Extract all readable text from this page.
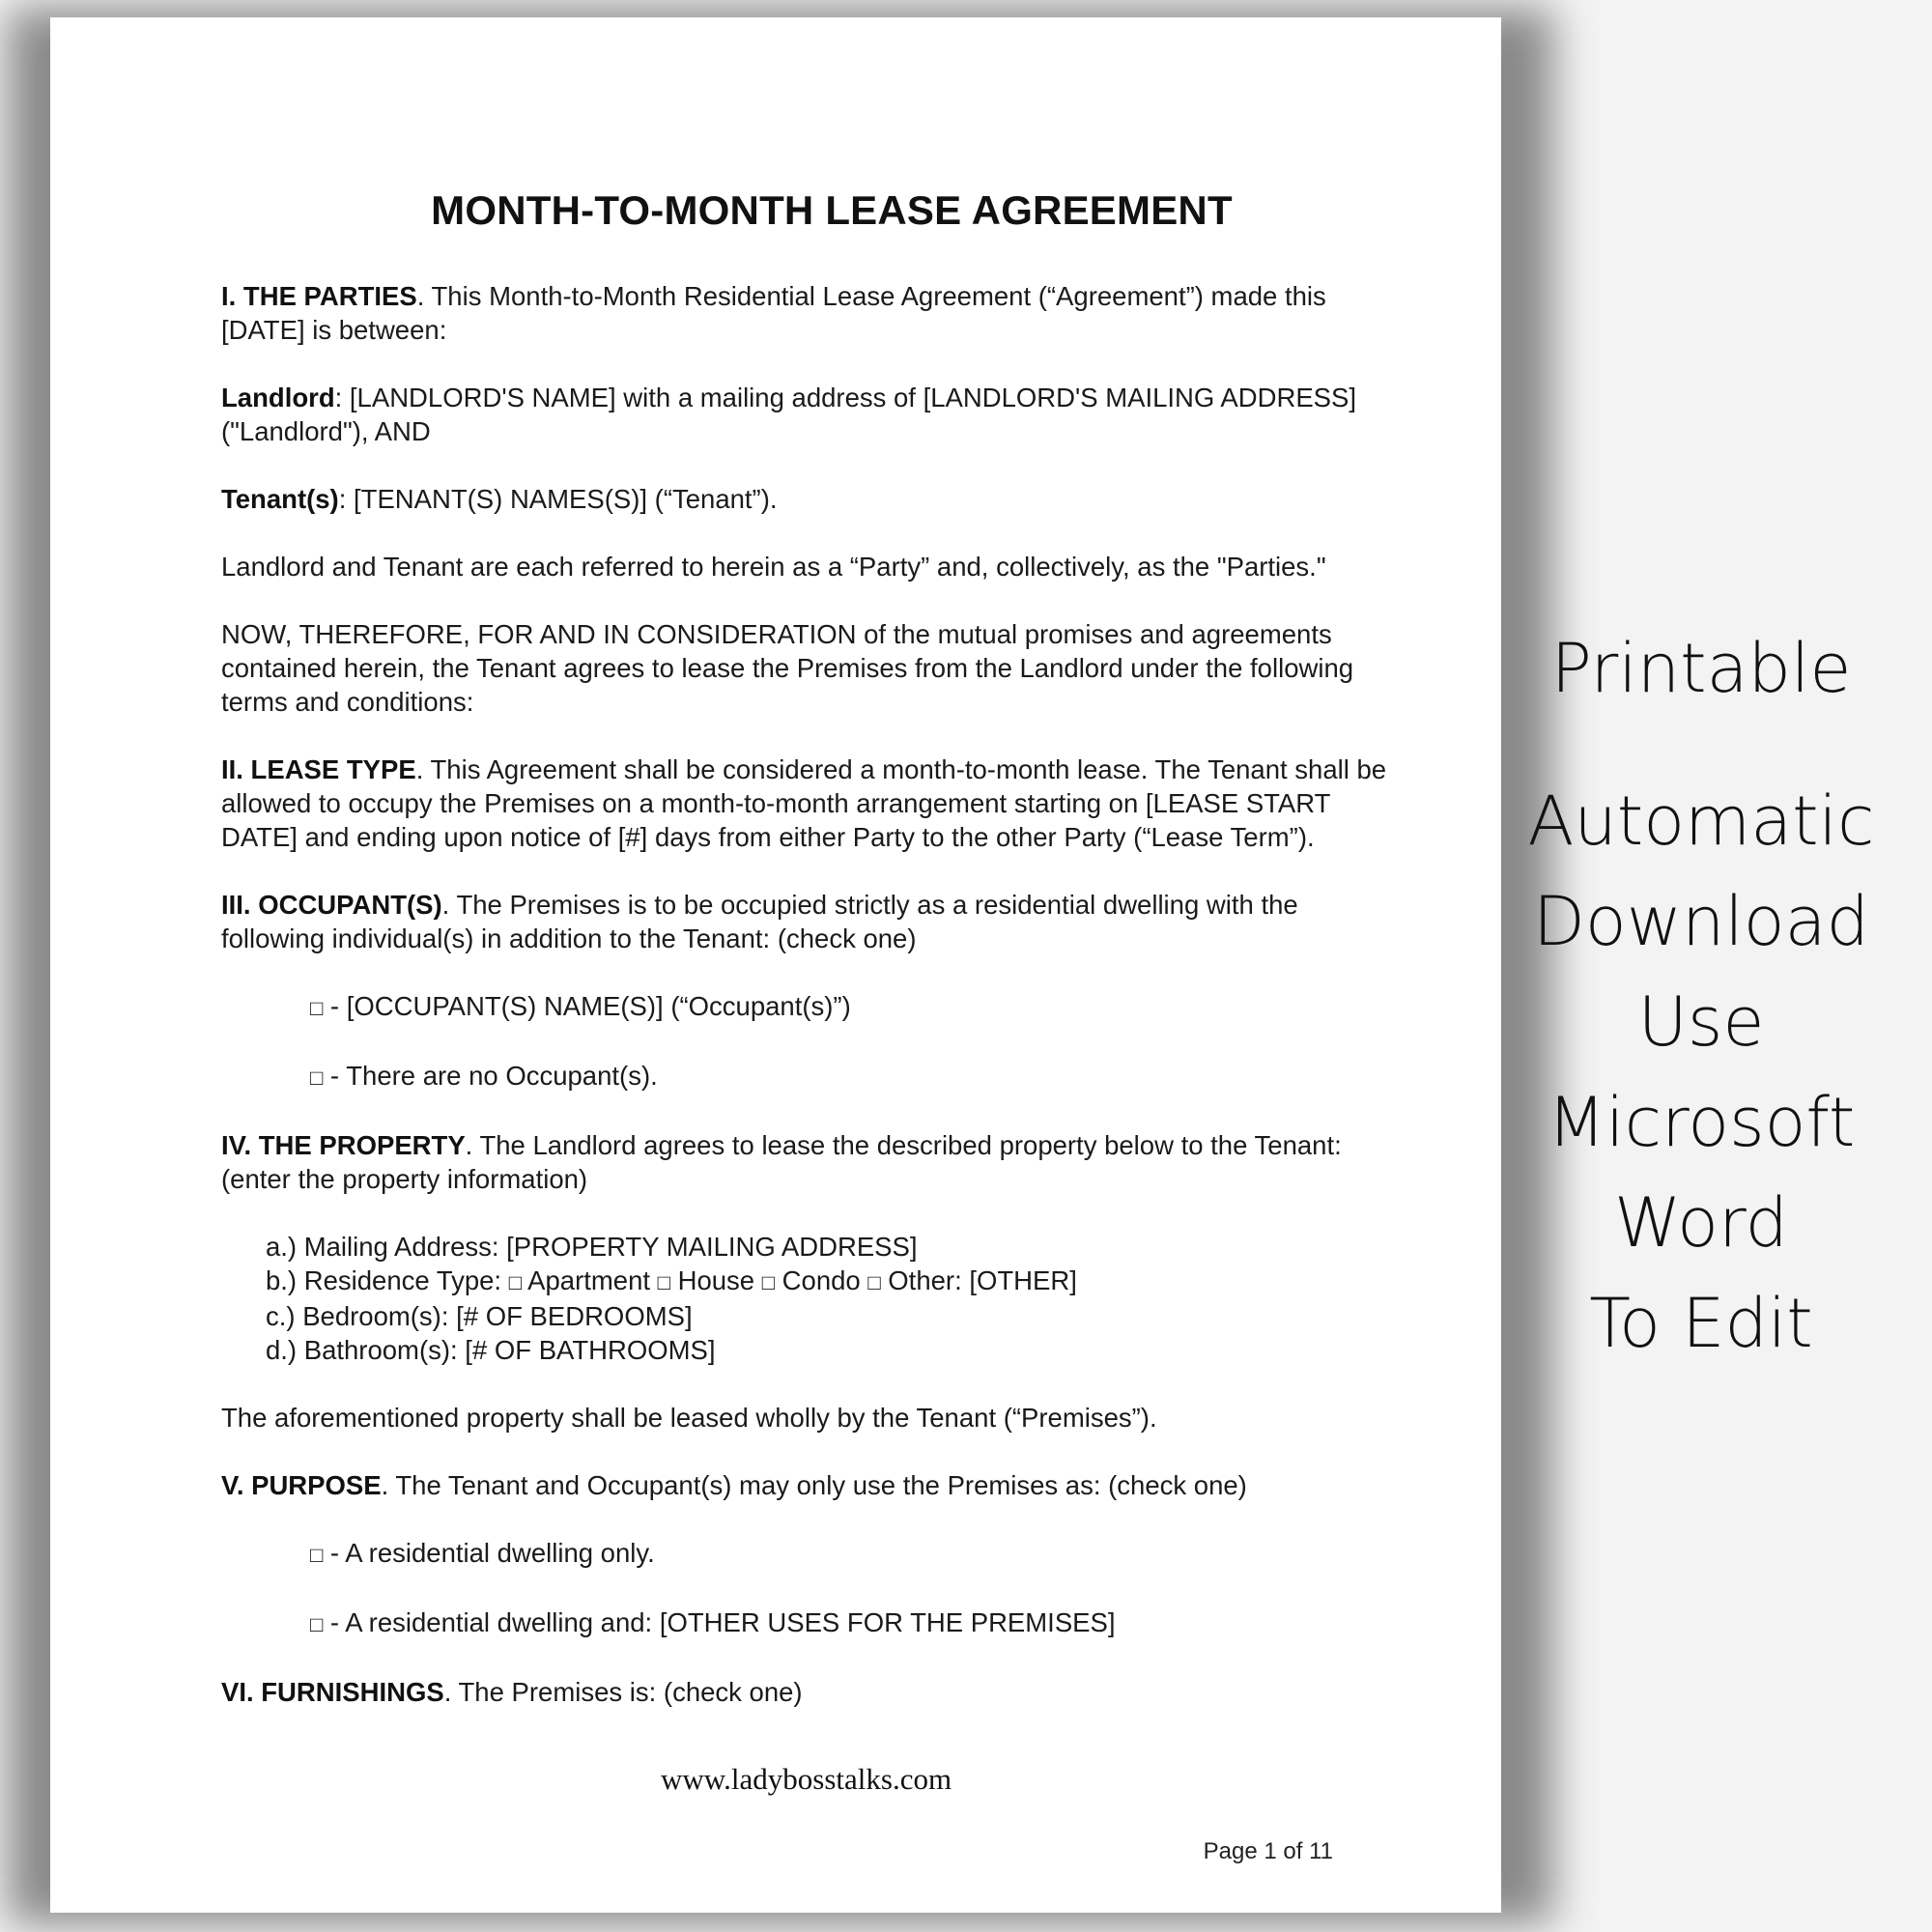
MONTH-TO-MONTH LEASE AGREEMENT

I. THE PARTIES. This Month-to-Month Residential Lease Agreement (“Agreement”) made this [DATE] is between:

Landlord: [LANDLORD'S NAME] with a mailing address of [LANDLORD'S MAILING ADDRESS] ("Landlord"), AND

Tenant(s): [TENANT(S) NAMES(S)] (“Tenant”).

Landlord and Tenant are each referred to herein as a “Party” and, collectively, as the "Parties."

NOW, THEREFORE, FOR AND IN CONSIDERATION of the mutual promises and agreements contained herein, the Tenant agrees to lease the Premises from the Landlord under the following terms and conditions:

II. LEASE TYPE. This Agreement shall be considered a month-to-month lease. The Tenant shall be allowed to occupy the Premises on a month-to-month arrangement starting on [LEASE START DATE] and ending upon notice of [#] days from either Party to the other Party (“Lease Term”).

III. OCCUPANT(S). The Premises is to be occupied strictly as a residential dwelling with the following individual(s) in addition to the Tenant: (check one)

□ - [OCCUPANT(S) NAME(S)] (“Occupant(s)”)
□ - There are no Occupant(s).

IV. THE PROPERTY. The Landlord agrees to lease the described property below to the Tenant: (enter the property information)

a.) Mailing Address: [PROPERTY MAILING ADDRESS]
b.) Residence Type: □ Apartment □ House □ Condo □ Other: [OTHER]
c.) Bedroom(s): [# OF BEDROOMS]
d.) Bathroom(s): [# OF BATHROOMS]

The aforementioned property shall be leased wholly by the Tenant (“Premises”).

V. PURPOSE. The Tenant and Occupant(s) may only use the Premises as: (check one)

□ - A residential dwelling only.
□ - A residential dwelling and: [OTHER USES FOR THE PREMISES]

VI. FURNISHINGS. The Premises is: (check one)

www.ladybosstalks.com
Page 1 of 11
Printable
Automatic
Download
Use
Microsoft
Word
To Edit
